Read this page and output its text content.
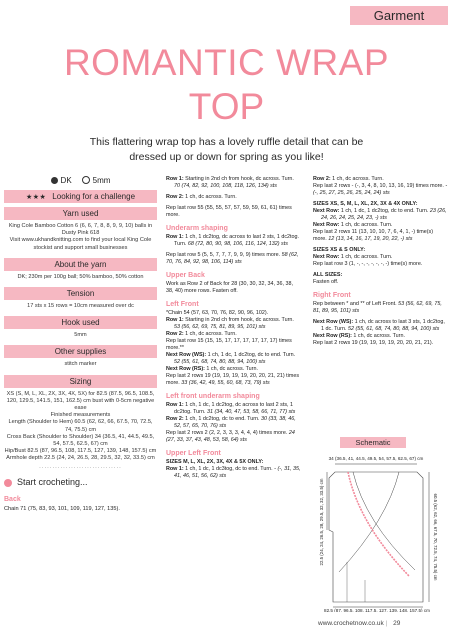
Garment
ROMANTIC WRAP
TOP
This flattering wrap top has a lovely ruffle detail that can be dressed up or down for spring as you like!
DK	5mm
★★★ Looking for a challenge
Yarn used
King Cole Bamboo Cotton 6 (6, 6, 7, 8, 8, 9, 9, 10) balls in Dusty Pink 618
Visit www.ukhandknitting.com to find your local King Cole stockist and support small businesses
About the yarn
DK; 230m per 100g ball; 50% bamboo, 50% cotton
Tension
17 sts x 15 rows = 10cm measured over dc
Hook used
5mm
Other supplies
stitch marker
Sizing
XS (S, M, L, XL, 2X, 3X, 4X, 5X) for 82.5 (87.5, 96.5, 108.5, 120, 129.5, 141.5, 151, 162.5) cm bust with 0-5cm negative ease
Finished measurements
Length (Shoulder to Hem) 60.5 (62, 62, 66, 67.5, 70, 72.5, 74, 75.5) cm
Cross Back (Shoulder to Shoulder) 34 (36.5, 41, 44.5, 49.5, 54, 57.5, 62.5, 67) cm
Hip/Bust 82.5 (87, 96.5, 108, 117.5, 127, 139, 148, 157.5) cm
Armhole depth 22.5 (24, 24, 26.5, 28, 29.5, 32, 32, 33.5) cm
...............................
Start crocheting...
Back
Chain 71 (75, 83, 93, 101, 109, 119, 127, 135).

Row 1: Starting in 2nd ch from hook, dc across. Turn. 70 (74, 82, 92, 100, 108, 118, 126, 134) sts

Row 2: 1 ch, dc across. Turn.

Rep last row 55 (55, 55, 57, 57, 59, 59, 61, 61) times more.

Underarm shaping

Row 1: 1 ch, 1 dc2tog, dc across to last 2 sts, 1 dc2tog. Turn. 68 (72, 80, 90, 98, 106, 116, 124, 132) sts

Rep last row 5 (5, 5, 7, 7, 7, 9, 9, 9) times more. 58 (62, 70, 76, 84, 92, 98, 106, 114) sts

Upper Back

Work as Row 2 of Back for 28 (30, 30, 32, 34, 36, 38, 38, 40) more rows. Fasten off.

Left Front

*Chain 54 (57, 63, 70, 76, 82, 90, 96, 102).

Row 1: Starting in 2nd ch from hook, dc across. Turn. 53 (56, 62, 69, 75, 81, 89, 95, 101) sts

Row 2: 1 ch, dc across. Turn.

Rep last row 15 (15, 15, 17, 17, 17, 17, 17, 17) times more.**

Next Row (WS): 1 ch, 1 dc, 1 dc2tog, dc to end. Turn. 52 (55, 61, 68, 74, 80, 88, 94, 100) sts

Next Row (RS): 1 ch, dc across. Turn.

Rep last 2 rows 19 (19, 19, 19, 19, 20, 20, 21, 21) times more. 33 (36, 42, 49, 55, 60, 68, 73, 79) sts

Left front underarm shaping

Row 1: 1 ch, 1 dc, 1 dc2tog, dc across to last 2 sts, 1 dc2tog. Turn. 31 (34, 40, 47, 53, 58, 66, 71, 77) sts

Row 2: 1 ch, 1 dc2tog, dc to end. Turn. 30 (33, 38, 46, 52, 57, 65, 70, 76) sts

Rep last 2 rows 2 (2, 2, 3, 3, 3, 4, 4, 4) times more. 24 (27, 33, 37, 43, 48, 53, 58, 64) sts

Upper Left Front

SIZES M, L, XL, 2X, 3X, 4X & 5X ONLY:

Row 1: 1 ch, 1 dc, 1 dc3tog, dc to end. Turn. - (-, 31, 35, 41, 46, 51, 56, 62) sts

Row 2: 1 ch, dc across. Turn.

Rep last 2 rows - (-, 3, 4, 8, 10, 13, 16, 19) times more. - (-, 25, 27, 25, 26, 25, 24, 24) sts

SIZES XS, S, M, L, XL, 2X, 3X & 4X ONLY:

Next Row: 1 ch, 1 dc, 1 dc2tog, dc to end. Turn. 23 (26, 24, 26, 24, 25, 24, 23, -) sts

Next Row: 1 ch, dc across. Turn.

Rep last 2 rows 11 (13, 10, 10, 7, 6, 4, 1, -) time(s) more. 12 (13, 14, 16, 17, 19, 20, 22, -) sts

SIZES XS & S ONLY:

Next Row: 1 ch, dc across. Turn.

Rep last row 3 (1, -, -, -, -, -, -, -) time(s) more.

ALL SIZES:

Fasten off.

Right Front

Rep between * and ** of Left Front. 53 (56, 62, 69, 75, 81, 89, 95, 101) sts

Next Row (WS): 1 ch, dc across to last 3 sts, 1 dc2tog, 1 dc. Turn. 52 (55, 61, 68, 74, 80, 88, 94, 100) sts

Next Row (RS): 1 ch, dc across. Turn.

Rep last 2 rows 19 (19, 19, 19, 19, 20, 20, 21, 21).

Schematic
34 (36.5, 41, 44.5, 49.5, 54, 57.5, 62.5, 67) cm
22.5 (24, 24, 26.5, 28, 29.5, 32, 32, 33.5) cm	60.5 (62, 62, 66, 67.5, 70, 72.5, 74, 75.5) cm
82.5 (87, 96.5, 108, 117.5, 127, 139, 148, 157.5) cm
www.crochetnow.co.uk | 29
